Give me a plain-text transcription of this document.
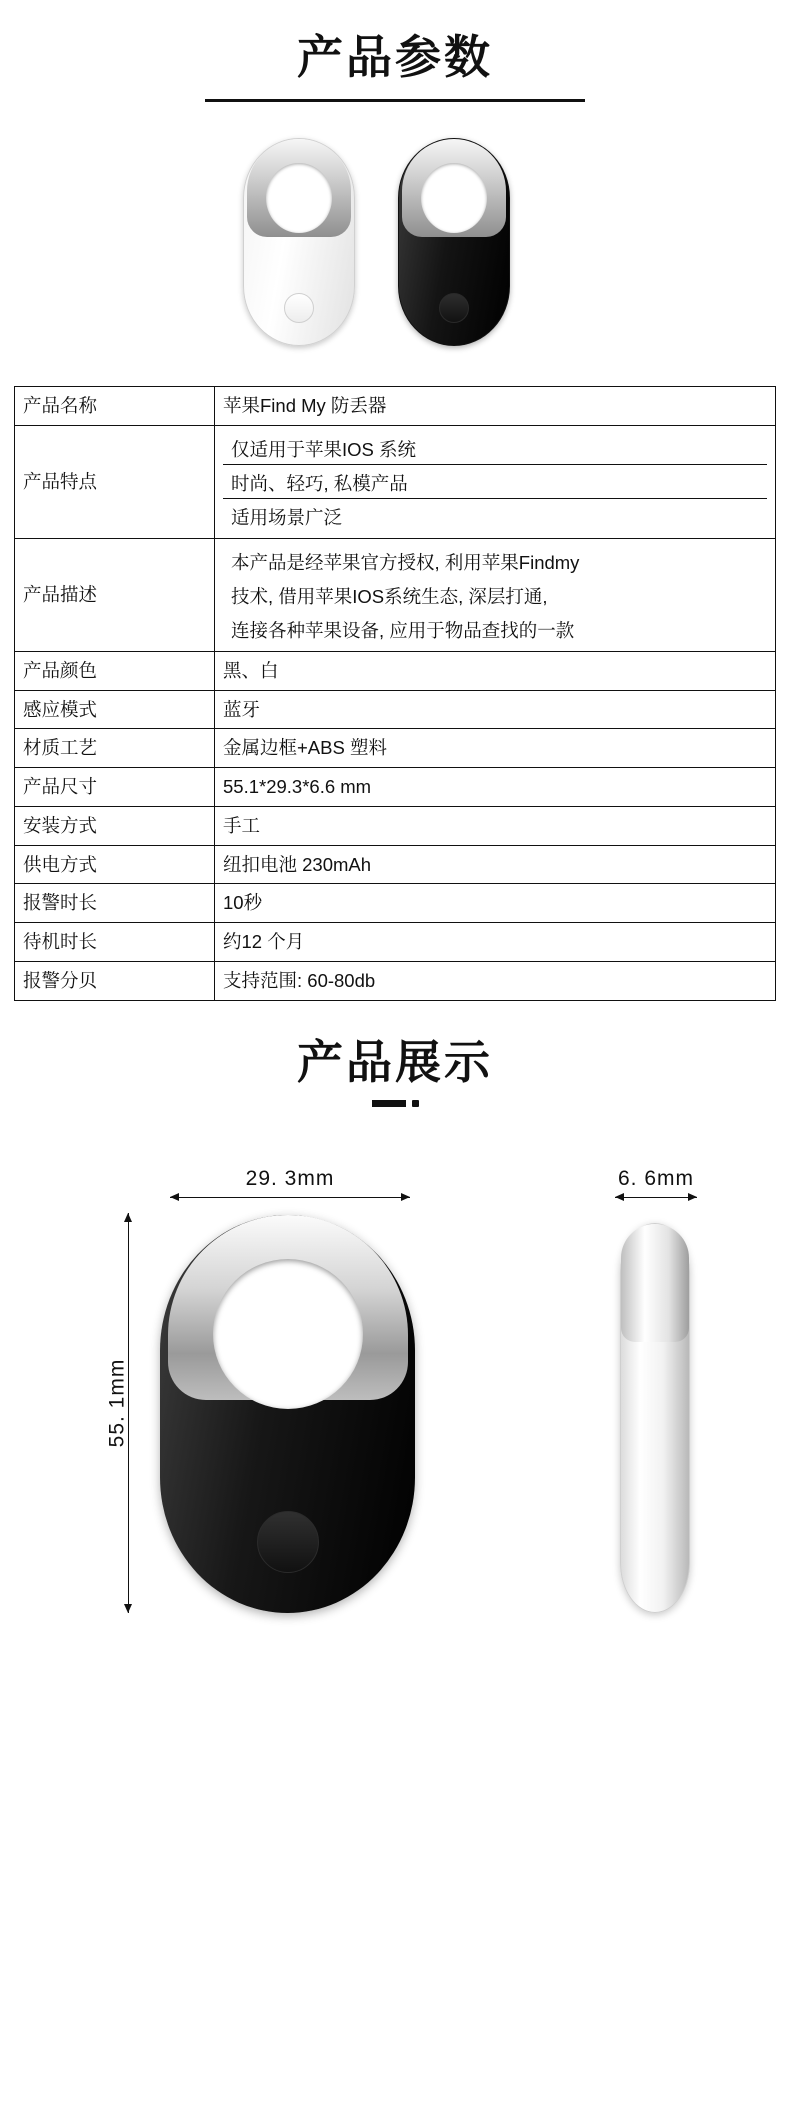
产品参数
产品名称	苹果Find My 防丢器
产品特点	仅适用于苹果IOS 系统
时尚、轻巧, 私模产品
适用场景广泛

产品描述	本产品是经苹果官方授权, 利用苹果Findmy
技术, 借用苹果IOS系统生态, 深层打通,
连接各种苹果设备, 应用于物品查找的一款

产品颜色	黑、白
感应模式	蓝牙
材质工艺	金属边框+ABS 塑料
产品尺寸	55.1*29.3*6.6 mm
安装方式	手工
供电方式	纽扣电池 230mAh
报警时长	10秒
待机时长	约12 个月
报警分贝	支持范围: 60-80db
产品展示
29. 3mm
55. 1mm
6. 6mm
